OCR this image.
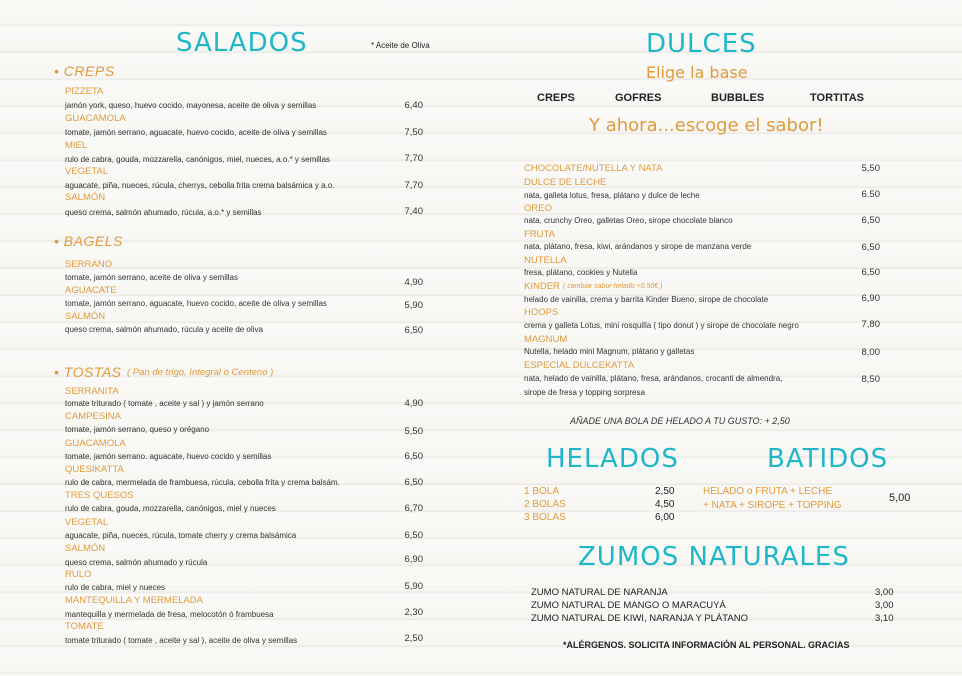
SALADOS	* Aceite de Oliva
• CREPS
PIZZETA
jamón york, queso, huevo cocido, mayonesa, aceite de oliva y semillas	6,40
GUACAMOLA
tomate, jamón serrano, aguacate, huevo cocido, aceite de oliva y semillas	7,50
MIEL
rulo de cabra, gouda, mozzarella, canónigos, miel, nueces, a.o.* y semillas	7,70
VEGETAL
aguacate, piña, nueces, rúcula, cherrys, cebolla frita crema balsámica y a.o.	7,70
SALMÓN
queso crema, salmón ahumado, rúcula, a.o.* y semillas	7,40
• BAGELS
SERRANO
tomate, jamón serrano, aceite de oliva y semillas	4,90
AGUACATE
tomate, jamón serrano, aguacate, huevo cocido, aceite de oliva y semillas	5,90
SALMÓN
queso crema, salmón ahumado, rúcula y aceite de oliva	6,50
• TOSTAS ( Pan de trigo, Integral o Centeno )
SERRANITA
tomate triturado ( tomate , aceite y sal ) y jamón serrano	4,90
CAMPESINA
tomate, jamón serrano, queso y orégano	5,50
GUACAMOLA
tomate, jamón serrano. aguacate, huevo cocido y semillas	6,50
QUESIKATTA
rulo de cabra, mermelada de frambuesa, rúcula, cebolla frita y crema balsám.	6,50
TRES QUESOS
rulo de cabra, gouda, mozzarella, canónigos, miel y nueces	6,70
VEGETAL
aguacate, piña, nueces, rúcula, tomate cherry y crema balsámica	6,50
SALMÓN
queso crema, salmón ahumado y rúcula	6,90
RULO
rulo de cabra, miel y nueces	5,90
MANTEQUILLA Y MERMELADA
mantequilla y mermelada de fresa, melocotón ó frambuesa	2,30
TOMATE
tomate triturado ( tomate , aceite y sal ), aceite de oliva y semillas	2,50
DULCES
Elige la base
CREPS	GOFRES	BUBBLES	TORTITAS
Y ahora...escoge el sabor!
CHOCOLATE/NUTELLA Y NATA	5,50
DULCE DE LECHE
nata, galleta lotus, fresa, plátano y dulce de leche	6.50
OREO
nata, crunchy Oreo, galletas Oreo, sirope chocolate blanco	6,50
FRUTA
nata, plátano, fresa, kiwi, arándanos y sirope de manzana verde	6,50
NUTELLA
fresa, plátano, cookies y Nutella	6,50
KINDER ( cambiar sabor helado +0.50€ )
helado de vainilla, crema y barrita Kinder Bueno, sirope de chocolate	6,90
HOOPS
crema y galleta Lotus, mini rosquilla ( tipo donut ) y sirope de chocolate negro	7,80
MAGNUM
Nutella, helado mini Magnum, plátano y galletas	8,00
ESPECIAL DULCEKATTA
nata, helado de vainilla, plátano, fresa, arándanos, crocanti de almendra,
sirope de fresa y topping sorpresa
8,50
AÑADE UNA BOLA DE HELADO A TU GUSTO: + 2,50
HELADOS
1 BOLA	2,50
2 BOLAS	4,50
3 BOLAS	6,00
BATIDOS
HELADO o FRUTA + LECHE
+ NATA + SIROPE + TOPPING
5,00
ZUMOS NATURALES
ZUMO NATURAL DE NARANJA	3,00
ZUMO NATURAL DE MANGO O MARACUYÁ	3,00
ZUMO NATURAL DE KIWI, NARANJA Y PLÁTANO	3,10
*ALÉRGENOS. SOLICITA INFORMACIÓN AL PERSONAL. GRACIAS
